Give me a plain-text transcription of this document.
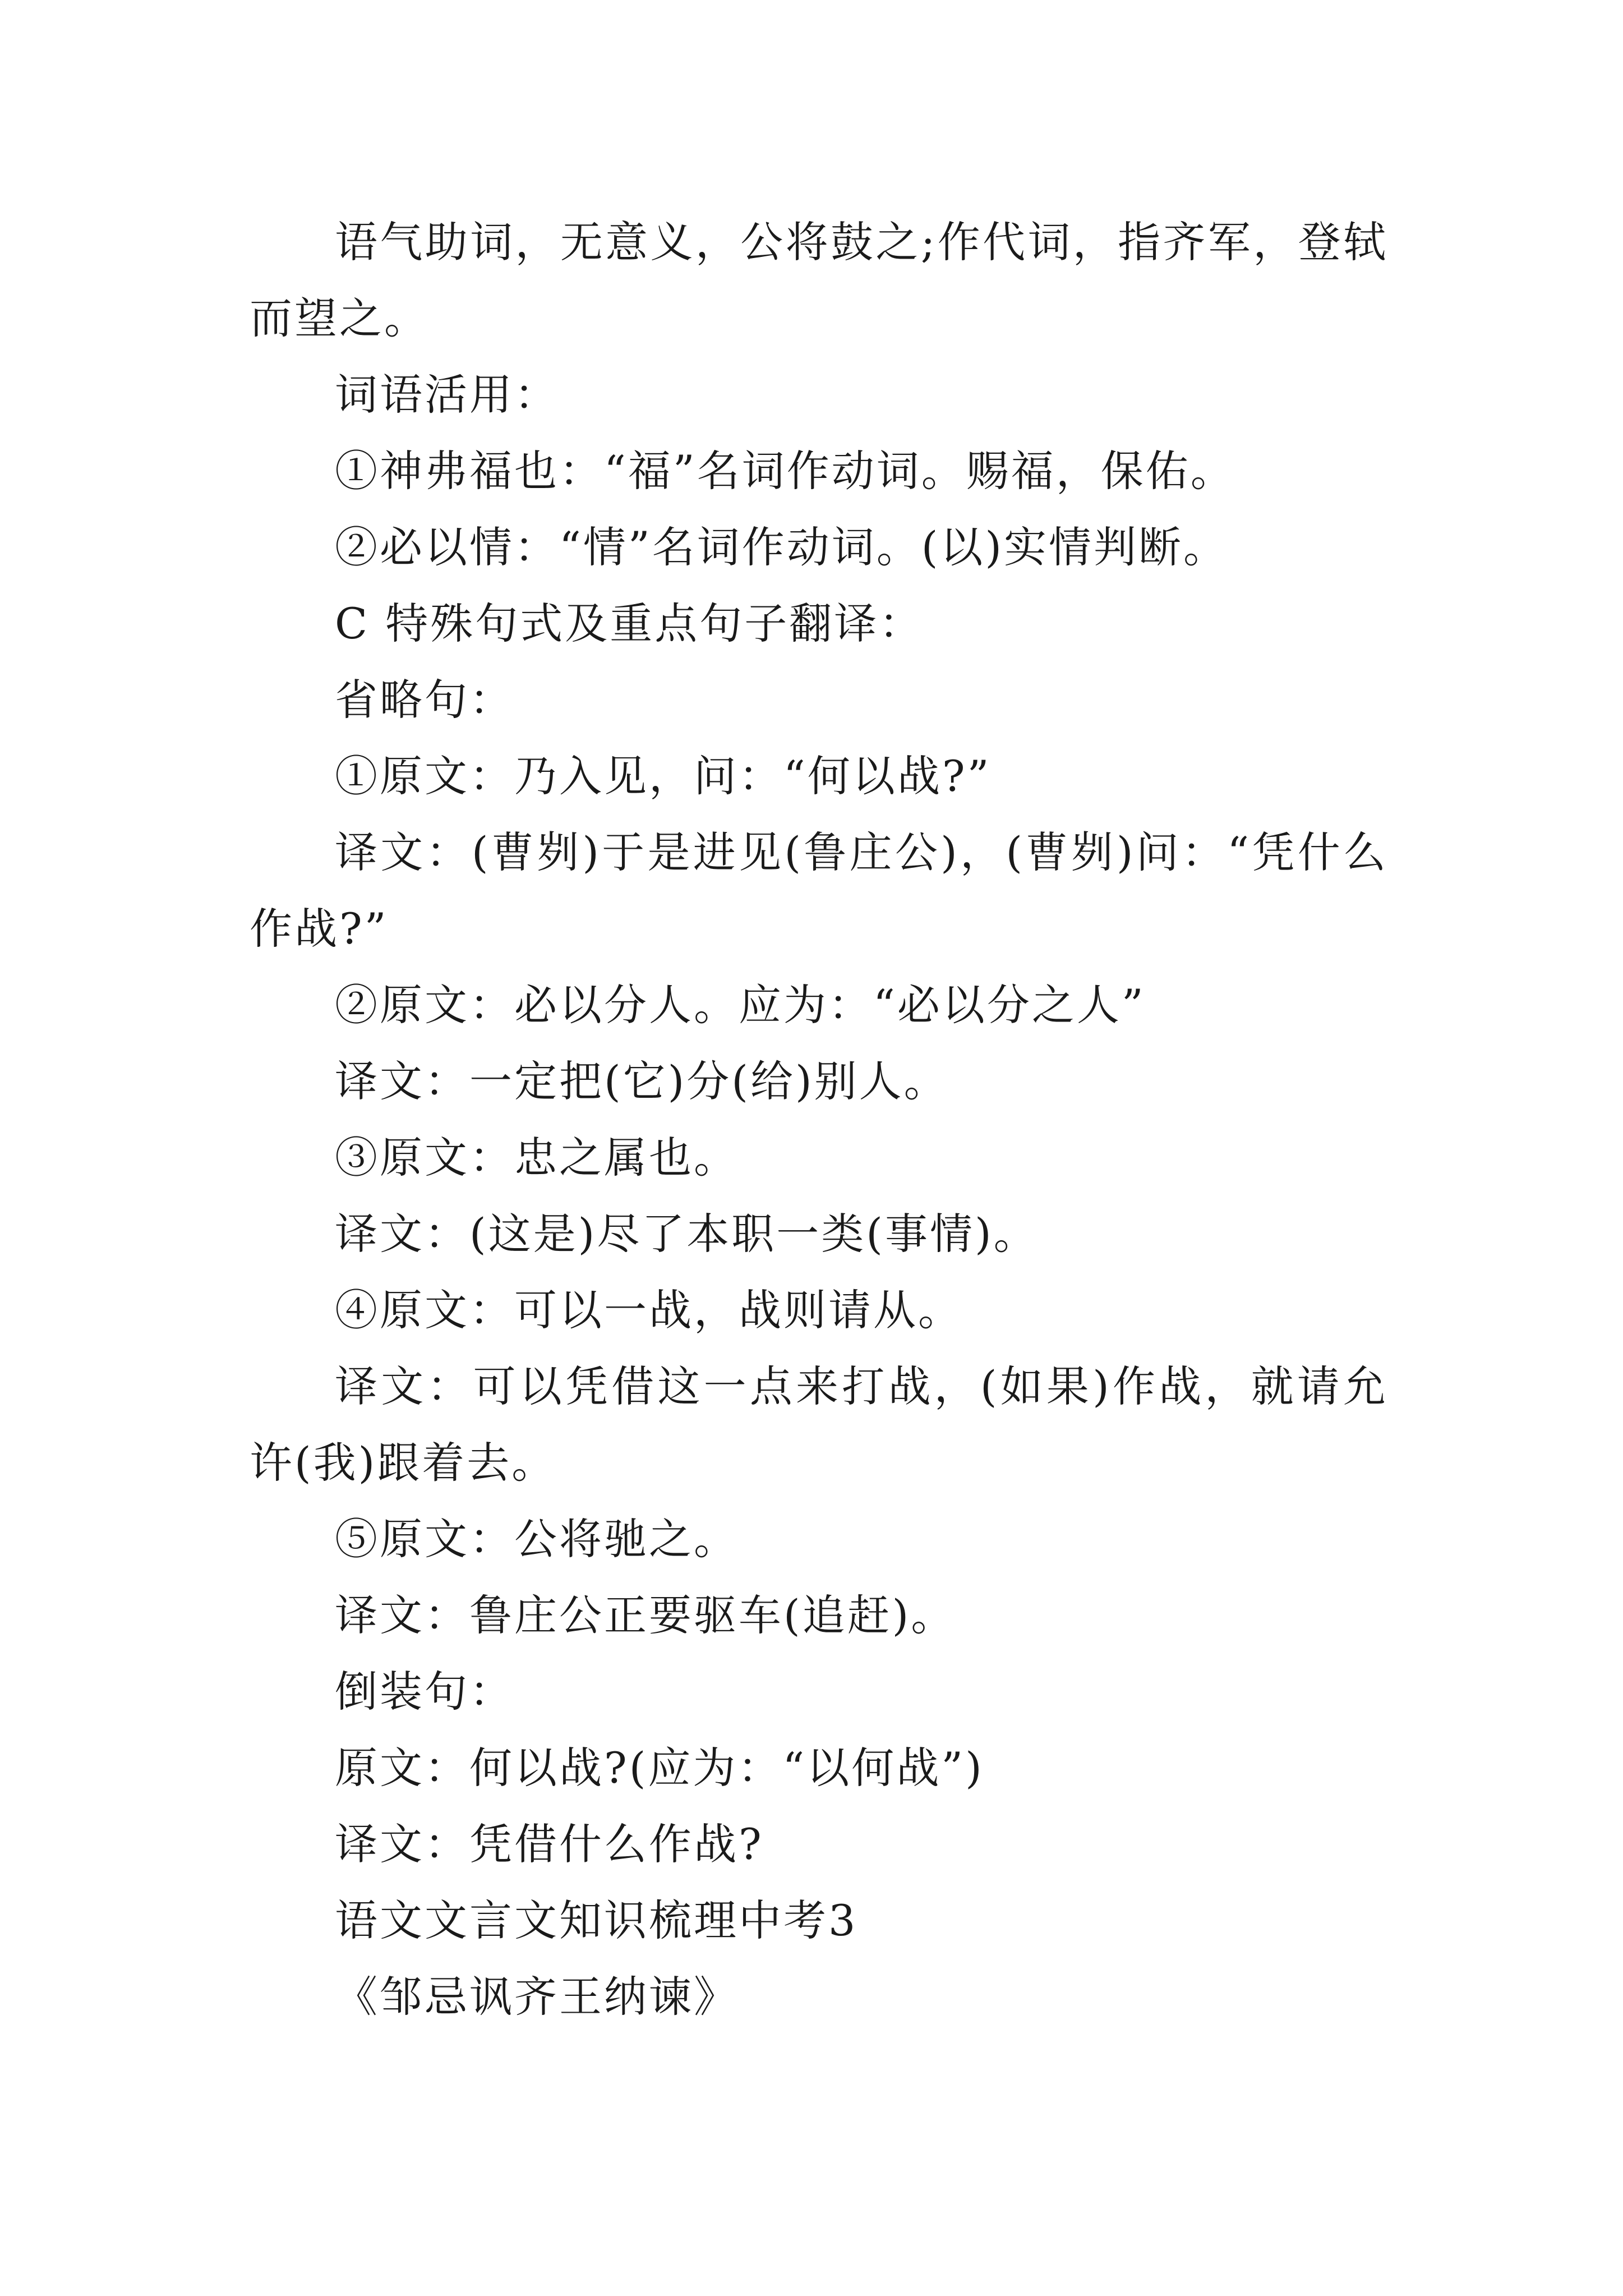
语气助词，无意义，公将鼓之;作代词，指齐军，登轼而望之。

词语活用：

①神弗福也：“福”名词作动词。赐福，保佑。

②必以情：“情”名词作动词。(以)实情判断。

C 特殊句式及重点句子翻译：

省略句：

①原文：乃入见，问：“何以战?”

译文：(曹刿)于是进见(鲁庄公)，(曹刿)问：“凭什么作战?”

②原文：必以分人。应为：“必以分之人”

译文：一定把(它)分(给)别人。

③原文：忠之属也。

译文：(这是)尽了本职一类(事情)。

④原文：可以一战，战则请从。

译文：可以凭借这一点来打战，(如果)作战，就请允许(我)跟着去。

⑤原文：公将驰之。

译文：鲁庄公正要驱车(追赶)。

倒装句：

原文：何以战?(应为：“以何战”)

译文：凭借什么作战?

语文文言文知识梳理中考3

《邹忌讽齐王纳谏》
